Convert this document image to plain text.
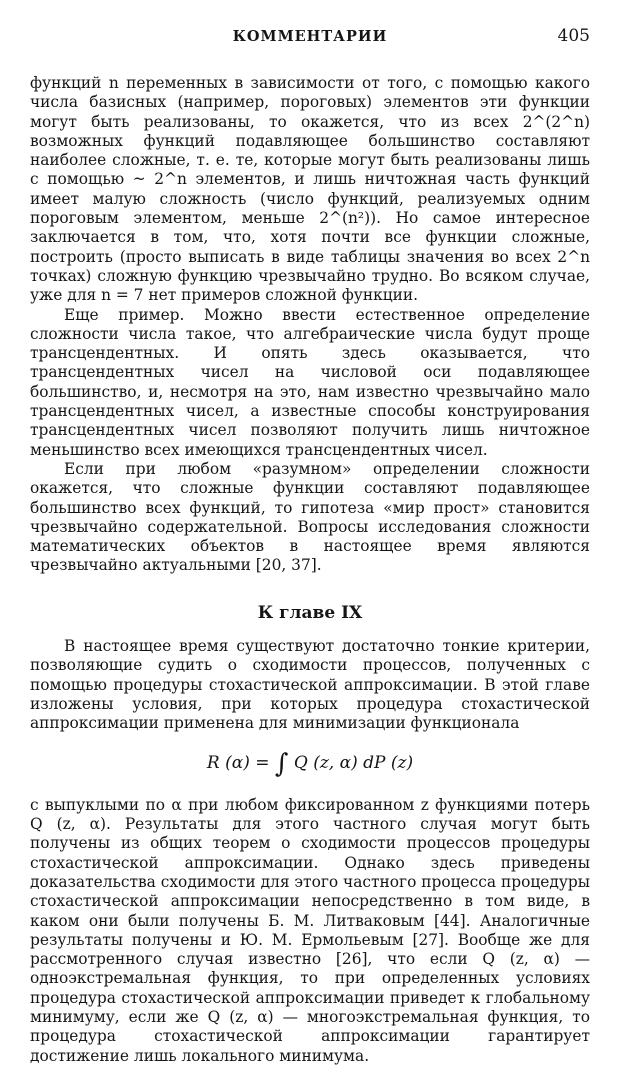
КОММЕНТАРИИ	405

функций n переменных в зависимости от того, с помощью какого числа базисных (например, пороговых) элементов эти функции могут быть реализованы, то окажется, что из всех 2^(2^n) возможных функций подавляющее большинство составляют наиболее сложные, т. е. те, которые могут быть реализованы лишь с помощью ~ 2^n элементов, и лишь ничтожная часть функций имеет малую сложность (число функций, реализуемых одним пороговым элементом, меньше 2^(n²)). Но самое интересное заключается в том, что, хотя почти все функции сложные, построить (просто выписать в виде таблицы значения во всех 2^n точках) сложную функцию чрезвычайно трудно. Во всяком случае, уже для n = 7 нет примеров сложной функции.

Еще пример. Можно ввести естественное определение сложности числа такое, что алгебраические числа будут проще трансцендентных. И опять здесь оказывается, что трансцендентных чисел на числовой оси подавляющее большинство, и, несмотря на это, нам известно чрезвычайно мало трансцендентных чисел, а известные способы конструирования трансцендентных чисел позволяют получить лишь ничтожное меньшинство всех имеющихся трансцендентных чисел.

Если при любом «разумном» определении сложности окажется, что сложные функции составляют подавляющее большинство всех функций, то гипотеза «мир прост» становится чрезвычайно содержательной. Вопросы исследования сложности математических объектов в настоящее время являются чрезвычайно актуальными [20, 37].

К главе IX

В настоящее время существуют достаточно тонкие критерии, позволяющие судить о сходимости процессов, полученных с помощью процедуры стохастической аппроксимации. В этой главе изложены условия, при которых процедура стохастической аппроксимации применена для минимизации функционала

R (α) = ∫ Q (z, α) dP (z)

с выпуклыми по α при любом фиксированном z функциями потерь Q (z, α). Результаты для этого частного случая могут быть получены из общих теорем о сходимости процессов процедуры стохастической аппроксимации. Однако здесь приведены доказательства сходимости для этого частного процесса процедуры стохастической аппроксимации непосредственно в том виде, в каком они были получены Б. М. Литваковым [44]. Аналогичные результаты получены и Ю. М. Ермольевым [27]. Вообще же для рассмотренного случая известно [26], что если Q (z, α) — одноэкстремальная функция, то при определенных условиях процедура стохастической аппроксимации приведет к глобальному минимуму, если же Q (z, α) — многоэкстремальная функция, то процедура стохастической аппроксимации гарантирует достижение лишь локального минимума.
